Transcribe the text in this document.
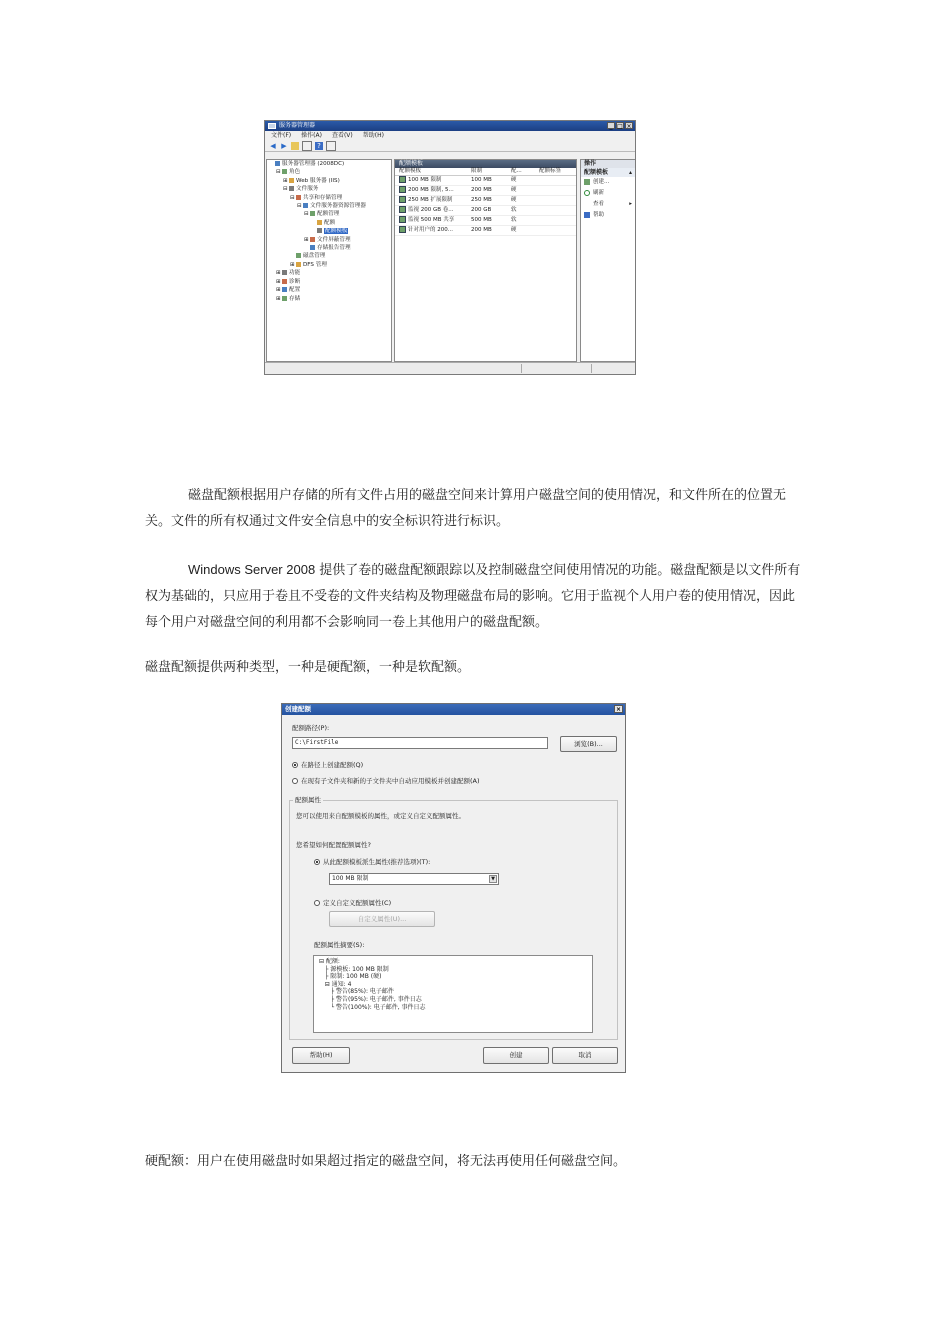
服务器管理器	_ □ ×
文件(F) 操作(A) 查看(V) 帮助(H)
◀ ▶	?
服务器管理器 (2008DC)
⊟ 角色
⊞ Web 服务器 (IIS)
⊟ 文件服务
⊟ 共享和存储管理
⊟ 文件服务器资源管理器
⊟ 配额管理
配额
配额模板
⊞ 文件屏蔽管理
存储报告管理
磁盘管理
⊞ DFS 管理
⊞ 功能
⊞ 诊断
⊞ 配置
⊞ 存储
配额模板
配额模板	限制	配...	配额标签
100 MB 限制	100 MB	硬
200 MB 限制, 5...	200 MB	硬
250 MB 扩展限制	250 MB	硬
监视 200 GB 卷...	200 GB	软
监视 500 MB 共享	500 MB	软
针对用户的 200...	200 MB	硬
操作
配额模板	▴
创建...
刷新
查看	▸
帮助
磁盘配额根据用户存储的所有文件占用的磁盘空间来计算用户磁盘空间的使用情况，和文件所在的位置无关。文件的所有权通过文件安全信息中的安全标识符进行标识。
Windows Server 2008 提供了卷的磁盘配额跟踪以及控制磁盘空间使用情况的功能。磁盘配额是以文件所有权为基础的，只应用于卷且不受卷的文件夹结构及物理磁盘布局的影响。它用于监视个人用户卷的使用情况，因此每个用户对磁盘空间的利用都不会影响同一卷上其他用户的磁盘配额。
磁盘配额提供两种类型，一种是硬配额，一种是软配额。
硬配额：用户在使用磁盘时如果超过指定的磁盘空间，将无法再使用任何磁盘空间。
创建配额	×
配额路径(P):
C:\FirstFile	浏览(B)...
在路径上创建配额(Q)
在现有子文件夹和新的子文件夹中自动应用模板并创建配额(A)
配额属性
您可以使用来自配额模板的属性，或定义自定义配额属性。
您希望如何配置配额属性?
从此配额模板派生属性(推荐选项)(T):
100 MB 限制	▼
定义自定义配额属性(C)
自定义属性(U)...
配额属性摘要(S):
⊟ 配额:
├ 源模板: 100 MB 限制
├ 限制: 100 MB (硬)
⊟ 通知: 4
├ 警告(85%): 电子邮件
├ 警告(95%): 电子邮件, 事件日志
└ 警告(100%): 电子邮件, 事件日志
帮助(H)	创建	取消
